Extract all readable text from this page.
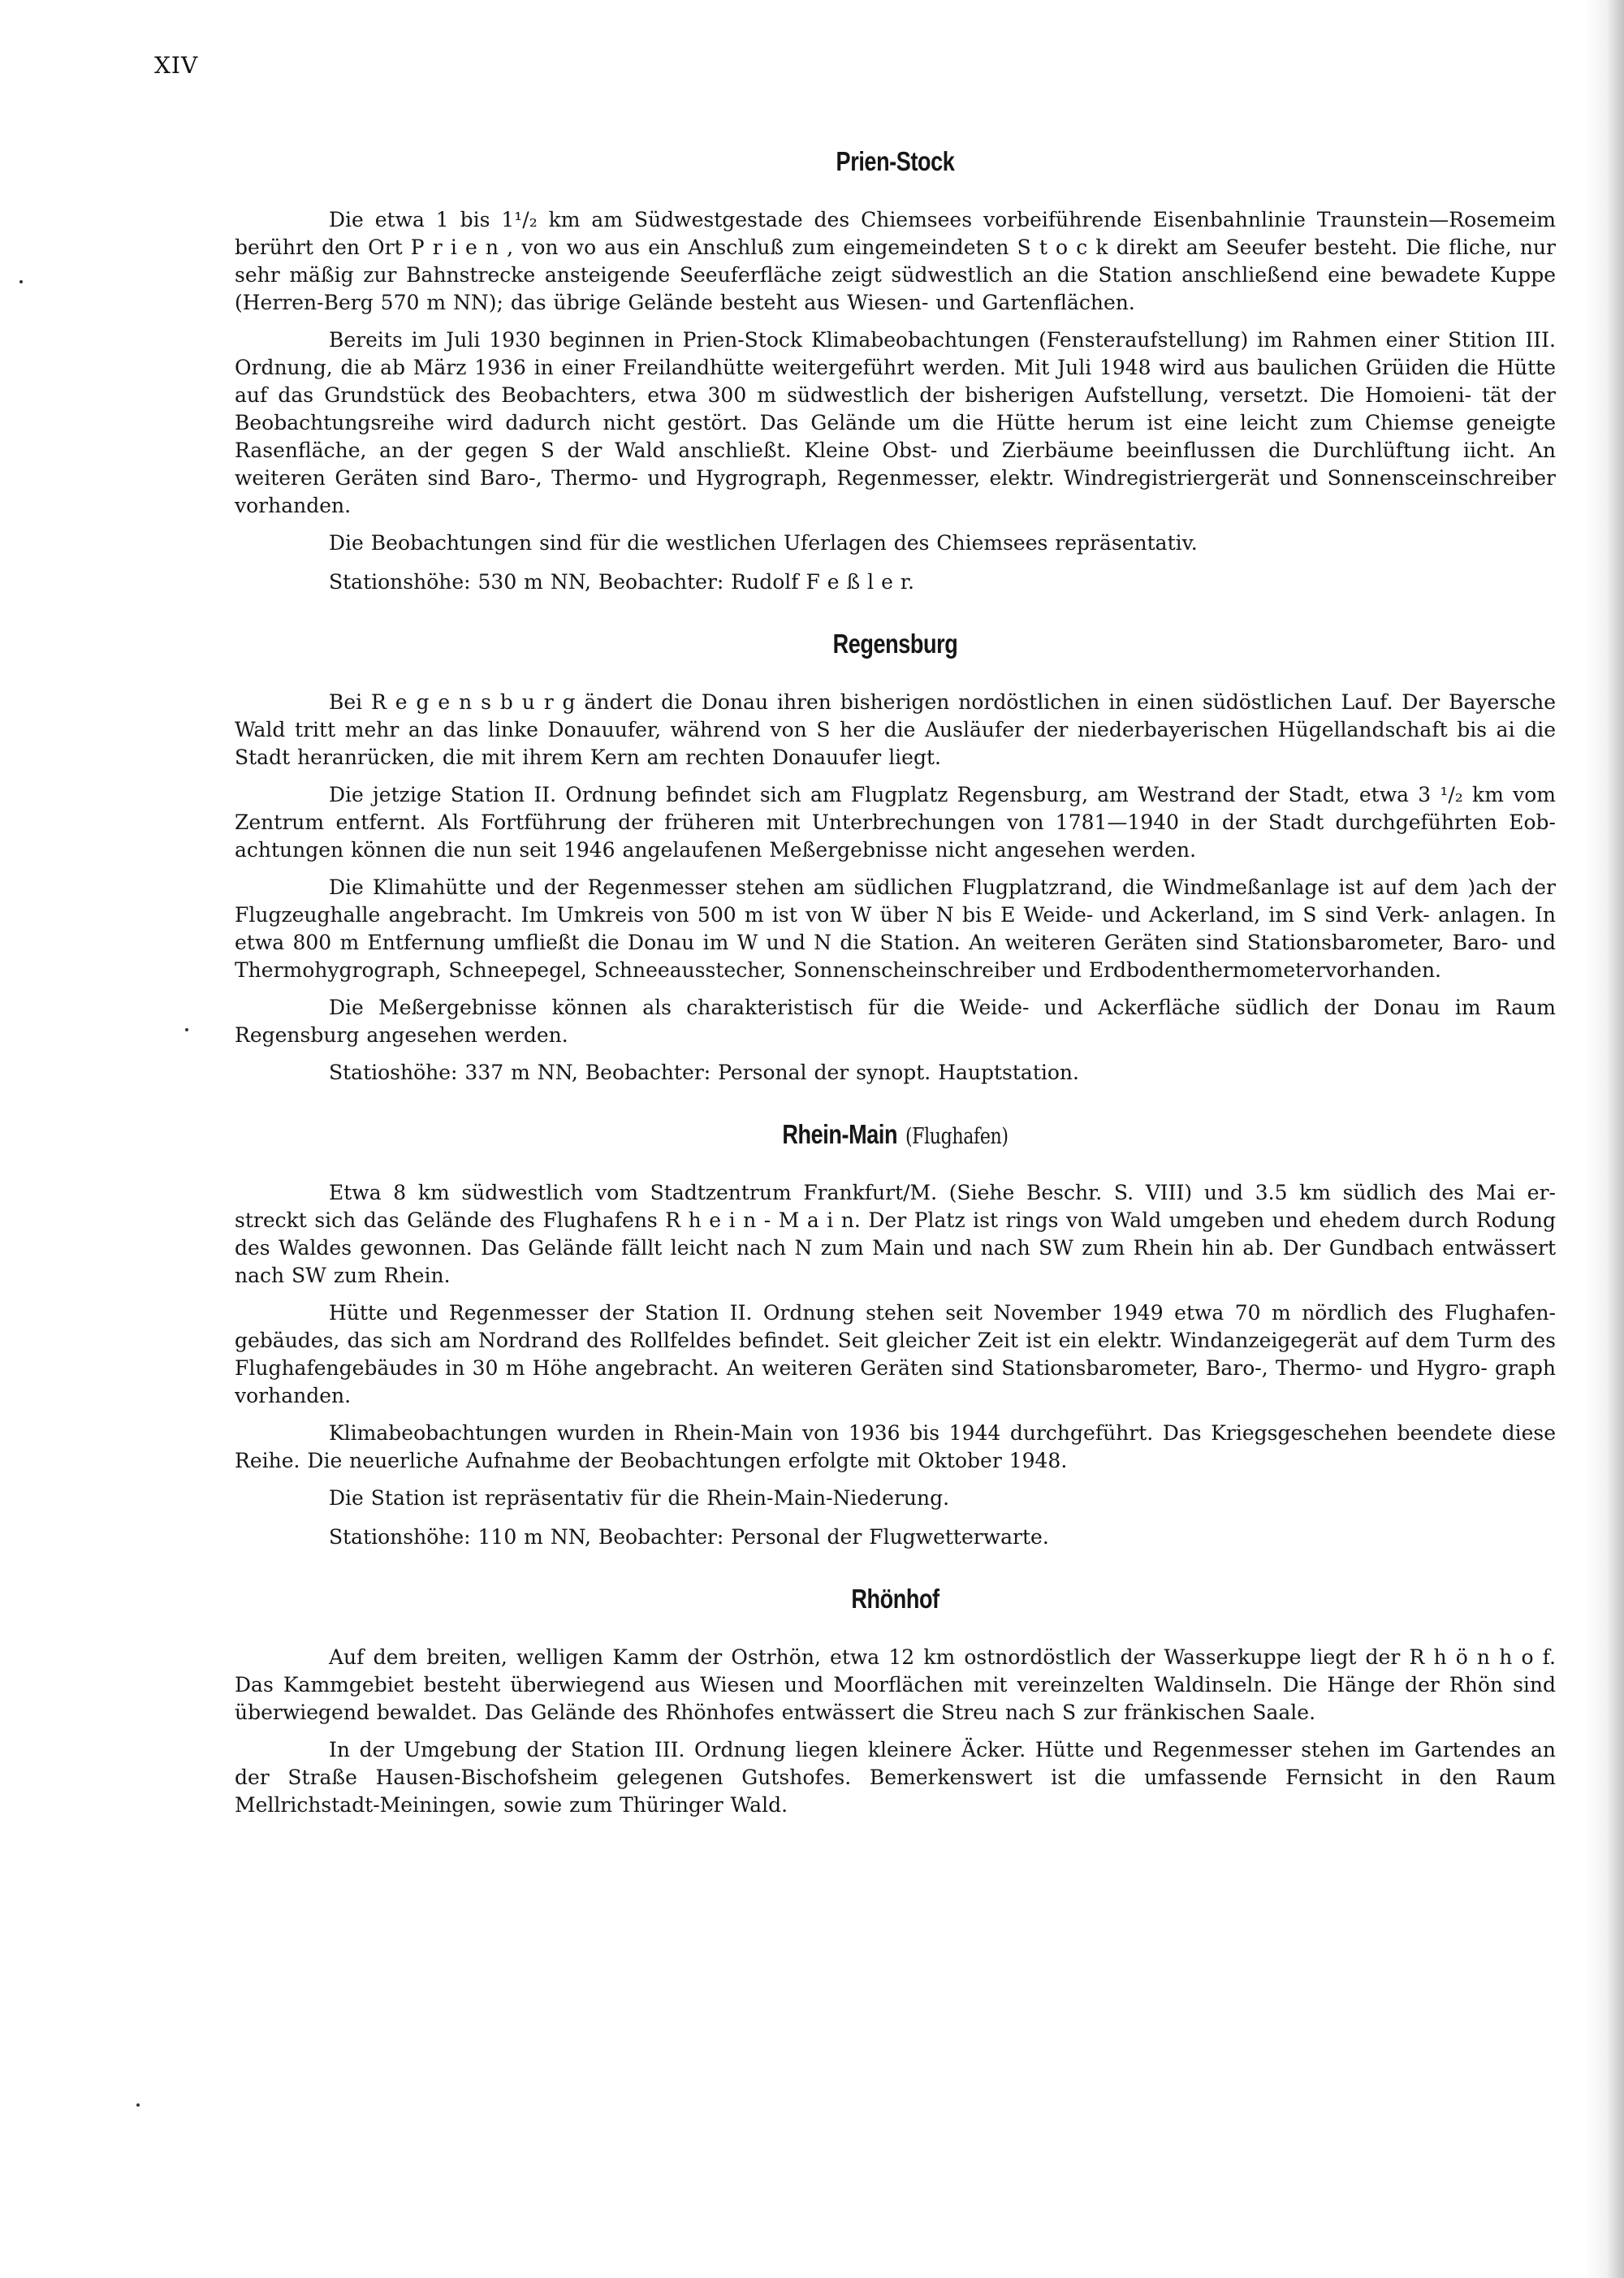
XIV
Prien-Stock

Die etwa 1 bis 1¹/₂ km am Südwestgestade des Chiemsees vorbeiführende Eisenbahnlinie Traunstein—Rosemeim berührt den Ort P r i e n , von wo aus ein Anschluß zum eingemeindeten S t o c k direkt am Seeufer besteht. Die fliche, nur sehr mäßig zur Bahnstrecke ansteigende Seeuferfläche zeigt südwestlich an die Station anschließend eine bewadete Kuppe (Herren-Berg 570 m NN); das übrige Gelände besteht aus Wiesen- und Gartenflächen.

Bereits im Juli 1930 beginnen in Prien-Stock Klimabeobachtungen (Fensteraufstellung) im Rahmen einer Stition III. Ordnung, die ab März 1936 in einer Freilandhütte weitergeführt werden. Mit Juli 1948 wird aus baulichen Grüiden die Hütte auf das Grundstück des Beobachters, etwa 300 m südwestlich der bisherigen Aufstellung, versetzt. Die Homoieni- tät der Beobachtungsreihe wird dadurch nicht gestört. Das Gelände um die Hütte herum ist eine leicht zum Chiemse geneigte Rasenfläche, an der gegen S der Wald anschließt. Kleine Obst- und Zierbäume beeinflussen die Durchlüftung iicht. An weiteren Geräten sind Baro-, Thermo- und Hygrograph, Regenmesser, elektr. Windregistriergerät und Sonnensceinschreiber vorhanden.

Die Beobachtungen sind für die westlichen Uferlagen des Chiemsees repräsentativ.

Stationshöhe: 530 m NN, Beobachter: Rudolf F e ß l e r.

Regensburg

Bei R e g e n s b u r g ändert die Donau ihren bisherigen nordöstlichen in einen südöstlichen Lauf. Der Bayersche Wald tritt mehr an das linke Donauufer, während von S her die Ausläufer der niederbayerischen Hügellandschaft bis ai die Stadt heranrücken, die mit ihrem Kern am rechten Donauufer liegt.

Die jetzige Station II. Ordnung befindet sich am Flugplatz Regensburg, am Westrand der Stadt, etwa 3 ¹/₂ km vom Zentrum entfernt. Als Fortführung der früheren mit Unterbrechungen von 1781—1940 in der Stadt durchgeführten Eob- achtungen können die nun seit 1946 angelaufenen Meßergebnisse nicht angesehen werden.

Die Klimahütte und der Regenmesser stehen am südlichen Flugplatzrand, die Windmeßanlage ist auf dem )ach der Flugzeughalle angebracht. Im Umkreis von 500 m ist von W über N bis E Weide- und Ackerland, im S sind Verk- anlagen. In etwa 800 m Entfernung umfließt die Donau im W und N die Station. An weiteren Geräten sind Stationsbarometer, Baro- und Thermohygrograph, Schneepegel, Schneeausstecher, Sonnenscheinschreiber und Erdbodenthermometervorhanden.

Die Meßergebnisse können als charakteristisch für die Weide- und Ackerfläche südlich der Donau im Raum Regensburg angesehen werden.

Statioshöhe: 337 m NN, Beobachter: Personal der synopt. Hauptstation.

Rhein-Main (Flughafen)

Etwa 8 km südwestlich vom Stadtzentrum Frankfurt/M. (Siehe Beschr. S. VIII) und 3.5 km südlich des Mai er- streckt sich das Gelände des Flughafens R h e i n - M a i n. Der Platz ist rings von Wald umgeben und ehedem durch Rodung des Waldes gewonnen. Das Gelände fällt leicht nach N zum Main und nach SW zum Rhein hin ab. Der Gundbach entwässert nach SW zum Rhein.

Hütte und Regenmesser der Station II. Ordnung stehen seit November 1949 etwa 70 m nördlich des Flughafen- gebäudes, das sich am Nordrand des Rollfeldes befindet. Seit gleicher Zeit ist ein elektr. Windanzeigegerät auf dem Turm des Flughafengebäudes in 30 m Höhe angebracht. An weiteren Geräten sind Stationsbarometer, Baro-, Thermo- und Hygro- graph vorhanden.

Klimabeobachtungen wurden in Rhein-Main von 1936 bis 1944 durchgeführt. Das Kriegsgeschehen beendete diese Reihe. Die neuerliche Aufnahme der Beobachtungen erfolgte mit Oktober 1948.

Die Station ist repräsentativ für die Rhein-Main-Niederung.

Stationshöhe: 110 m NN, Beobachter: Personal der Flugwetterwarte.

Rhönhof

Auf dem breiten, welligen Kamm der Ostrhön, etwa 12 km ostnordöstlich der Wasserkuppe liegt der R h ö n h o f. Das Kammgebiet besteht überwiegend aus Wiesen und Moorflächen mit vereinzelten Waldinseln. Die Hänge der Rhön sind überwiegend bewaldet. Das Gelände des Rhönhofes entwässert die Streu nach S zur fränkischen Saale.

In der Umgebung der Station III. Ordnung liegen kleinere Äcker. Hütte und Regenmesser stehen im Gartendes an der Straße Hausen-Bischofsheim gelegenen Gutshofes. Bemerkenswert ist die umfassende Fernsicht in den Raum Mellrichstadt-Meiningen, sowie zum Thüringer Wald.
